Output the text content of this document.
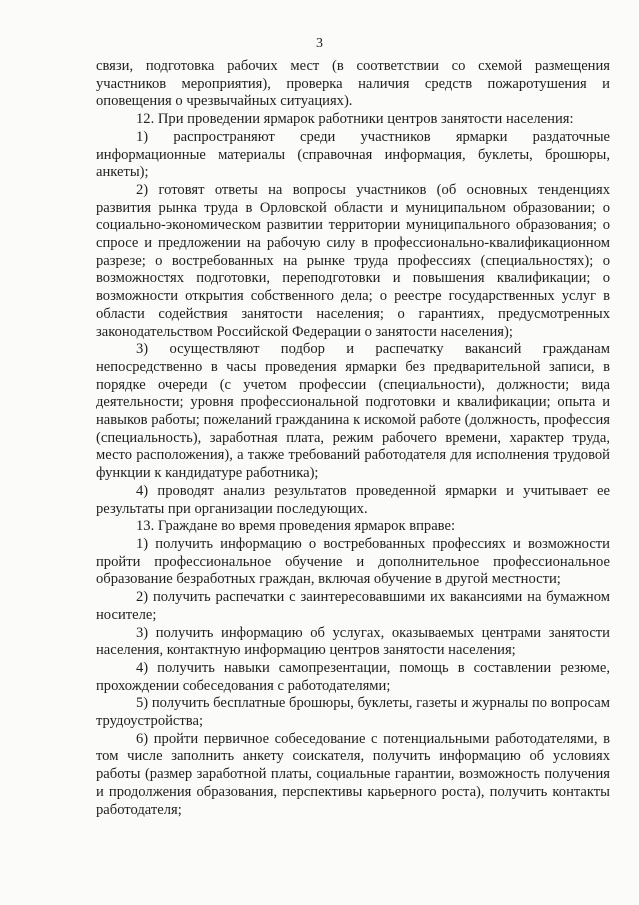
3

связи, подготовка рабочих мест (в соответствии со схемой размещения участников мероприятия), проверка наличия средств пожаротушения и оповещения о чрезвычайных ситуациях).

12. При проведении ярмарок работники центров занятости населения:

1) распространяют среди участников ярмарки раздаточные информационные материалы (справочная информация, буклеты, брошюры, анкеты);

2) готовят ответы на вопросы участников (об основных тенденциях развития рынка труда в Орловской области и муниципальном образовании; о социально-экономическом развитии территории муниципального образования; о спросе и предложении на рабочую силу в профессионально-квалификационном разрезе; о востребованных на рынке труда профессиях (специальностях); о возможностях подготовки, переподготовки и повышения квалификации; о возможности открытия собственного дела; о реестре государственных услуг в области содействия занятости населения; о гарантиях, предусмотренных законодательством Российской Федерации о занятости населения);

3) осуществляют подбор и распечатку вакансий гражданам непосредственно в часы проведения ярмарки без предварительной записи, в порядке очереди (с учетом профессии (специальности), должности; вида деятельности; уровня профессиональной подготовки и квалификации; опыта и навыков работы; пожеланий гражданина к искомой работе (должность, профессия (специальность), заработная плата, режим рабочего времени, характер труда, место расположения), а также требований работодателя для исполнения трудовой функции к кандидатуре работника);

4) проводят анализ результатов проведенной ярмарки и учитывает ее результаты при организации последующих.

13. Граждане во время проведения ярмарок вправе:

1) получить информацию о востребованных профессиях и возможности пройти профессиональное обучение и дополнительное профессиональное образование безработных граждан, включая обучение в другой местности;

2) получить распечатки с заинтересовавшими их вакансиями на бумажном носителе;

3) получить информацию об услугах, оказываемых центрами занятости населения, контактную информацию центров занятости населения;

4) получить навыки самопрезентации, помощь в составлении резюме, прохождении собеседования с работодателями;

5) получить бесплатные брошюры, буклеты, газеты и журналы по вопросам трудоустройства;

6) пройти первичное собеседование с потенциальными работодателями, в том числе заполнить анкету соискателя, получить информацию об условиях работы (размер заработной платы, социальные гарантии, возможность получения и продолжения образования, перспективы карьерного роста), получить контакты работодателя;
